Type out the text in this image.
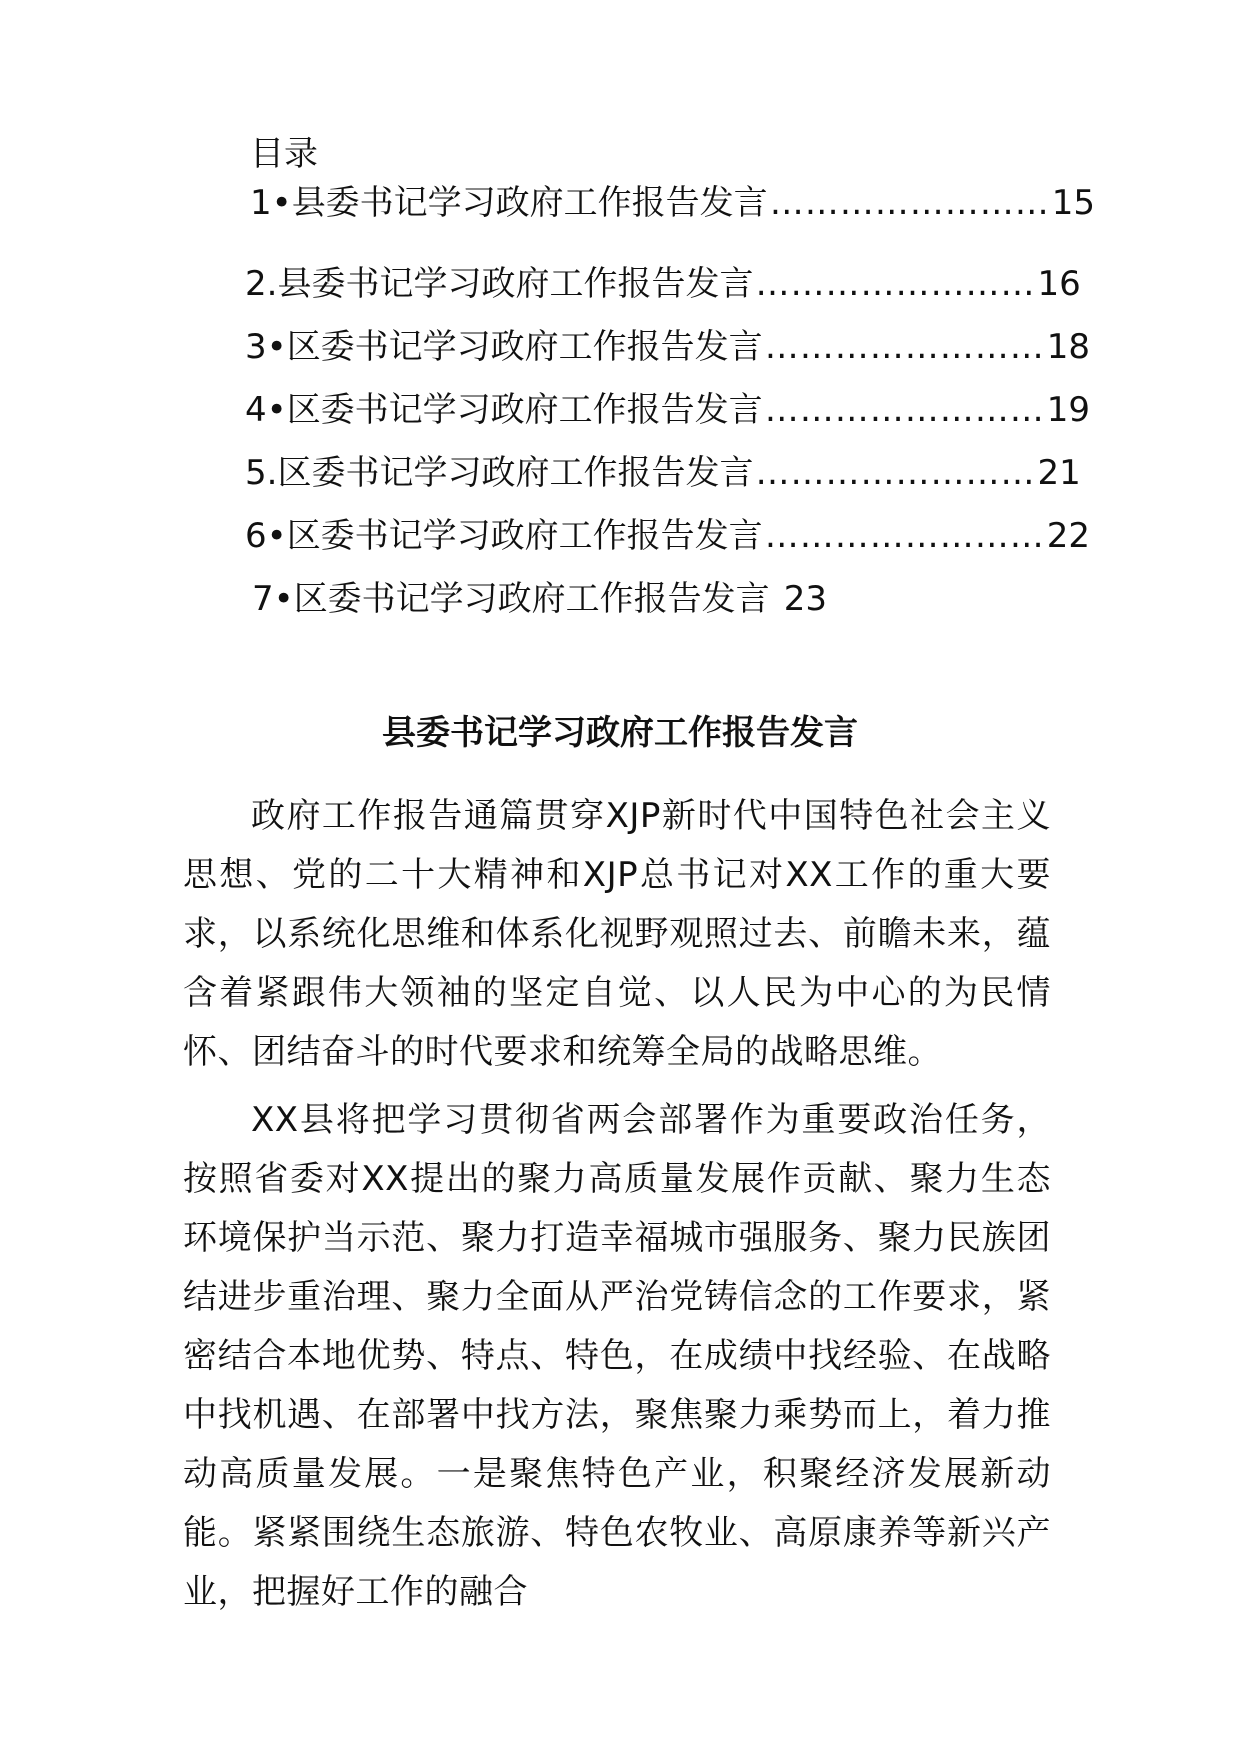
目录
1• 县委书记学习政府工作报告发言 …………………… 15
2. 县委书记学习政府工作报告发言 …………………… 16
3• 区委书记学习政府工作报告发言 …………………… 18
4• 区委书记学习政府工作报告发言 …………………… 19
5. 区委书记学习政府工作报告发言 …………………… 21
6• 区委书记学习政府工作报告发言 …………………… 22
7• 区委书记学习政府工作报告发言 23
县委书记学习政府工作报告发言

政府工作报告通篇贯穿XJP新时代中国特色社会主义思想、党的二十大精神和XJP总书记对XX工作的重大要求，以系统化思维和体系化视野观照过去、前瞻未来，蕴含着紧跟伟大领袖的坚定自觉、以人民为中心的为民情怀、团结奋斗的时代要求和统筹全局的战略思维。

XX县将把学习贯彻省两会部署作为重要政治任务，按照省委对XX提出的聚力高质量发展作贡献、聚力生态环境保护当示范、聚力打造幸福城市强服务、聚力民族团结进步重治理、聚力全面从严治党铸信念的工作要求，紧密结合本地优势、特点、特色，在成绩中找经验、在战略中找机遇、在部署中找方法，聚焦聚力乘势而上，着力推动高质量发展。一是聚焦特色产业，积聚经济发展新动能。紧紧围绕生态旅游、特色农牧业、高原康养等新兴产业，把握好工作的融合
